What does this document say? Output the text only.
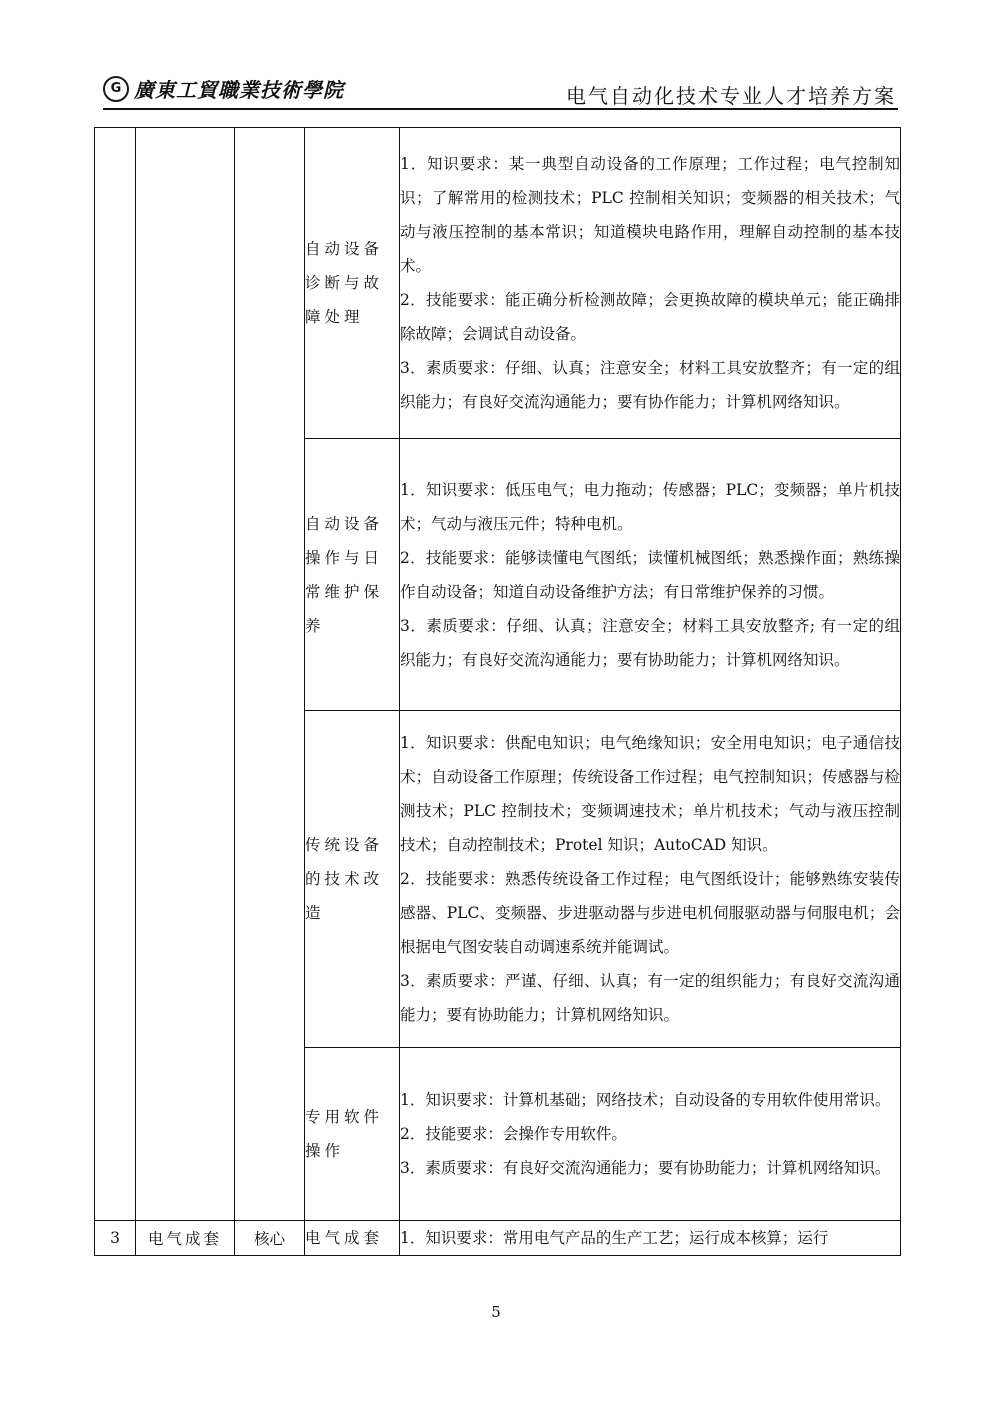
G 廣東工貿職業技術學院	电气自动化技术专业人才培养方案
			自动设备诊断与故障处理	1．知识要求：某一典型自动设备的工作原理；工作过程；电气控制知识；了解常用的检测技术；PLC 控制相关知识；变频器的相关技术；气动与液压控制的基本常识；知道模块电路作用，理解自动控制的基本技术。

2．技能要求：能正确分析检测故障；会更换故障的模块单元；能正确排除故障；会调试自动设备。

3．素质要求：仔细、认真；注意安全；材料工具安放整齐；有一定的组织能力；有良好交流沟通能力；要有协作能力；计算机网络知识。

			自动设备操作与日常维护保养	1．知识要求：低压电气；电力拖动；传感器；PLC；变频器；单片机技术；气动与液压元件；特种电机。

2．技能要求：能够读懂电气图纸；读懂机械图纸；熟悉操作面；熟练操作自动设备；知道自动设备维护方法；有日常维护保养的习惯。

3．素质要求：仔细、认真；注意安全；材料工具安放整齐; 有一定的组织能力；有良好交流沟通能力；要有协助能力；计算机网络知识。

			传统设备的技术改造	1．知识要求：供配电知识；电气绝缘知识；安全用电知识；电子通信技术；自动设备工作原理；传统设备工作过程；电气控制知识；传感器与检测技术；PLC 控制技术；变频调速技术；单片机技术；气动与液压控制技术；自动控制技术；Protel 知识；AutoCAD 知识。

2．技能要求：熟悉传统设备工作过程；电气图纸设计；能够熟练安装传感器、PLC、变频器、步进驱动器与步进电机伺服驱动器与伺服电机；会根据电气图安装自动调速系统并能调试。

3．素质要求：严谨、仔细、认真；有一定的组织能力；有良好交流沟通能力；要有协助能力；计算机网络知识。

			专用软件操作	1．知识要求：计算机基础；网络技术；自动设备的专用软件使用常识。

2．技能要求：会操作专用软件。

3．素质要求：有良好交流沟通能力；要有协助能力；计算机网络知识。

3	电气成套	核心	电气成套	1．知识要求：常用电气产品的生产工艺；运行成本核算；运行
5
